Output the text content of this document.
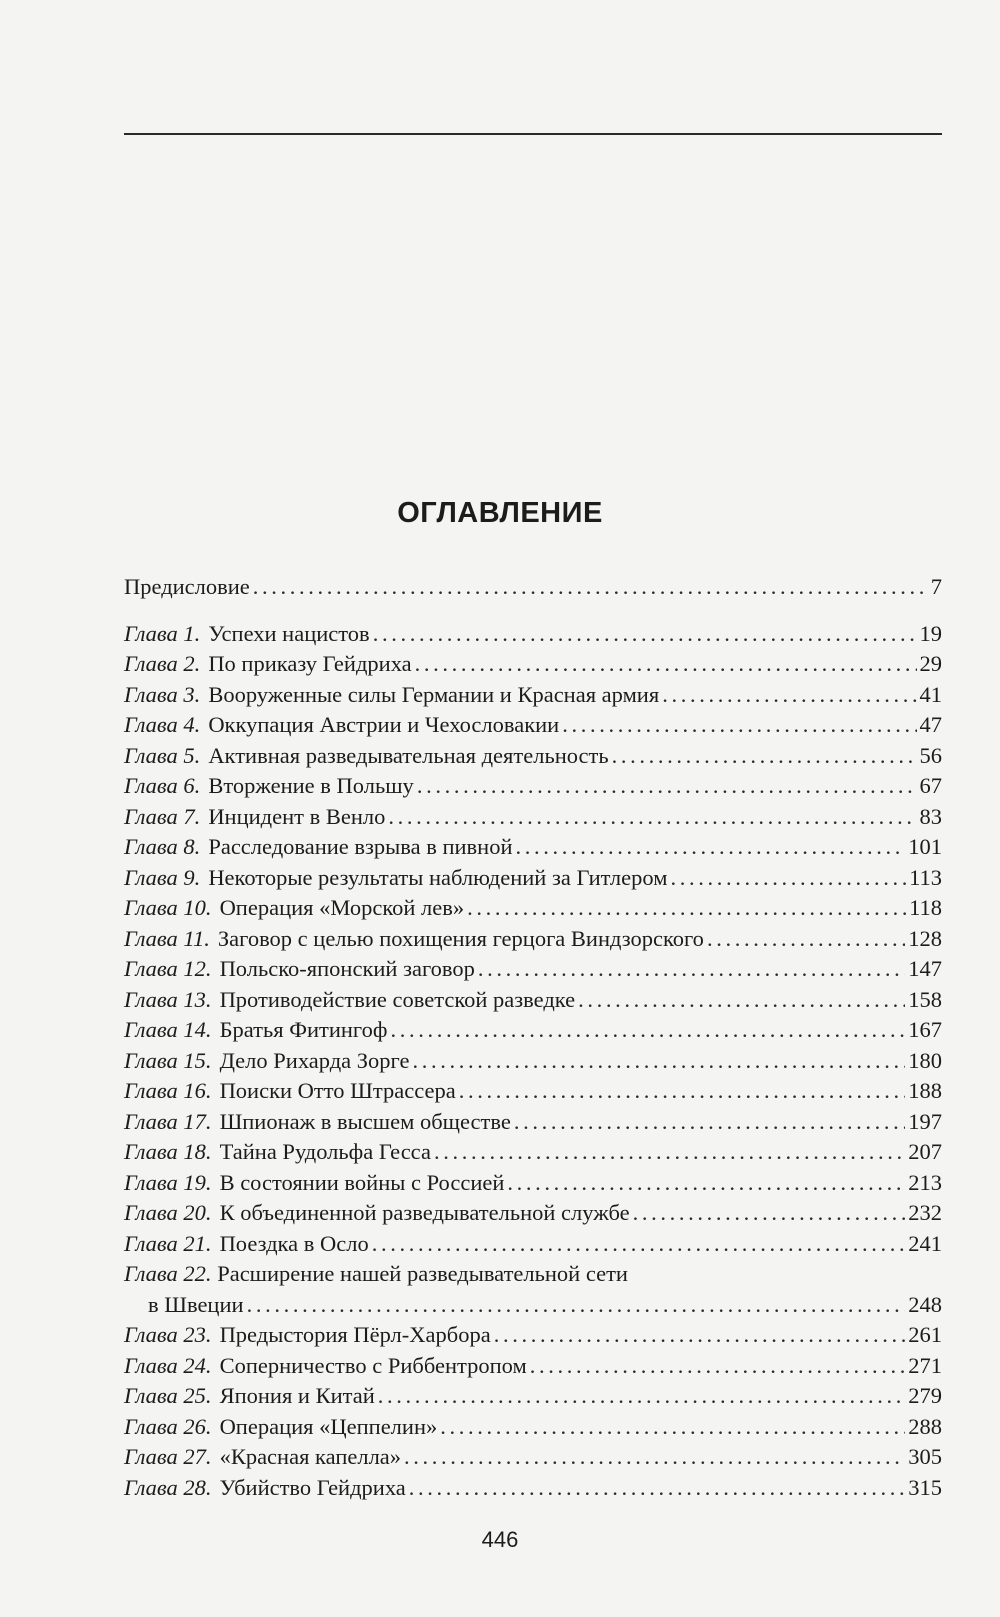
ОГЛАВЛЕНИЕ
Предисловие . . .	7
Глава 1. Успехи нацистов . . .	19
Глава 2. По приказу Гейдриха . . .	29
Глава 3. Вооруженные силы Германии и Красная армия . . .	41
Глава 4. Оккупация Австрии и Чехословакии . . .	47
Глава 5. Активная разведывательная деятельность . . .	56
Глава 6. Вторжение в Польшу . . .	67
Глава 7. Инцидент в Венло . . .	83
Глава 8. Расследование взрыва в пивной . . .	101
Глава 9. Некоторые результаты наблюдений за Гитлером . . .	113
Глава 10. Операция «Морской лев» . . .	118
Глава 11. Заговор с целью похищения герцога Виндзорского . . .	128
Глава 12. Польско-японский заговор . . .	147
Глава 13. Противодействие советской разведке . . .	158
Глава 14. Братья Фитингоф . . .	167
Глава 15. Дело Рихарда Зорге . . .	180
Глава 16. Поиски Отто Штрассера . . .	188
Глава 17. Шпионаж в высшем обществе . . .	197
Глава 18. Тайна Рудольфа Гесса . . .	207
Глава 19. В состоянии войны с Россией . . .	213
Глава 20. К объединенной разведывательной службе . . .	232
Глава 21. Поездка в Осло . . .	241
Глава 22. Расширение нашей разведывательной сети
в Швеции . . .	248
Глава 23. Предыстория Пёрл-Харбора . . .	261
Глава 24. Соперничество с Риббентропом . . .	271
Глава 25. Япония и Китай . . .	279
Глава 26. Операция «Цеппелин» . . .	288
Глава 27. «Красная капелла» . . .	305
Глава 28. Убийство Гейдриха . . .	315
446
